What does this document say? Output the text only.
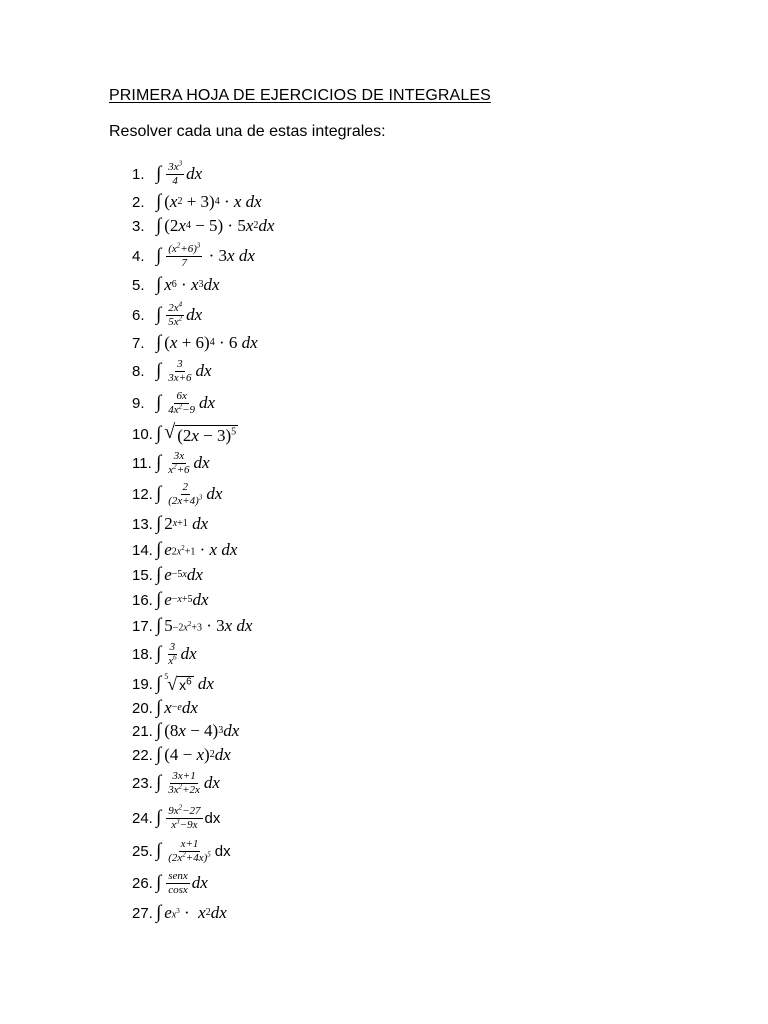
PRIMERA HOJA DE EJERCICIOS DE INTEGRALES
Resolver cada una de estas integrales:
1. ∫ $\frac{3x^3}{4}$ dx
2. ∫ ( x 2 + 3) 4 · x dx
3. ∫ (2 x 4 − 5) · 5 x 2 dx
4. ∫ $\frac{(x^2+6)^3}{7} \cdot 3$ x dx
5. ∫ x 6 · x 3 dx
6. ∫ $\frac{2x^4}{5x^2}$ dx
7. ∫ ( x + 6) 4 · 6 dx
8. ∫ $\frac{3}{3x+6}$ dx
9. ∫ $\frac{6x}{4x^2-9}$ dx
10. ∫ √ $(2x - 3)^5$
11. ∫ $\frac{3x}{x^2+6}$ dx
12. ∫ $\frac{2}{(2x+4)^3}$ dx
13. ∫ 2 x+1
dx
14. ∫ e $2x^2+1 \cdot x$ dx
15. ∫ e −5x dx
16. ∫ e −x+5 dx
17. ∫ $5 -2x^2+3 \cdot 3$ x dx
18. ∫ $\frac{3}{x^6}$ dx
19. ∫ 5 √ $x^6$
dx
20. ∫ x −e dx
21. ∫ (8 x − 4) 3 dx
22. ∫ (4 − x ) 2 dx
23. ∫ $\frac{3x+1}{3x^2+2x}$ dx
24. ∫ $\frac{9x^2-27}{x^3-9x}$ dx
25. ∫ $\frac{x+1}{(2x^2+4x)^5}$ dx
26. ∫ $\frac{\text{senx}}{\cos x}$ dx
27. ∫ e $x^3 \cdot x$ 2 dx
